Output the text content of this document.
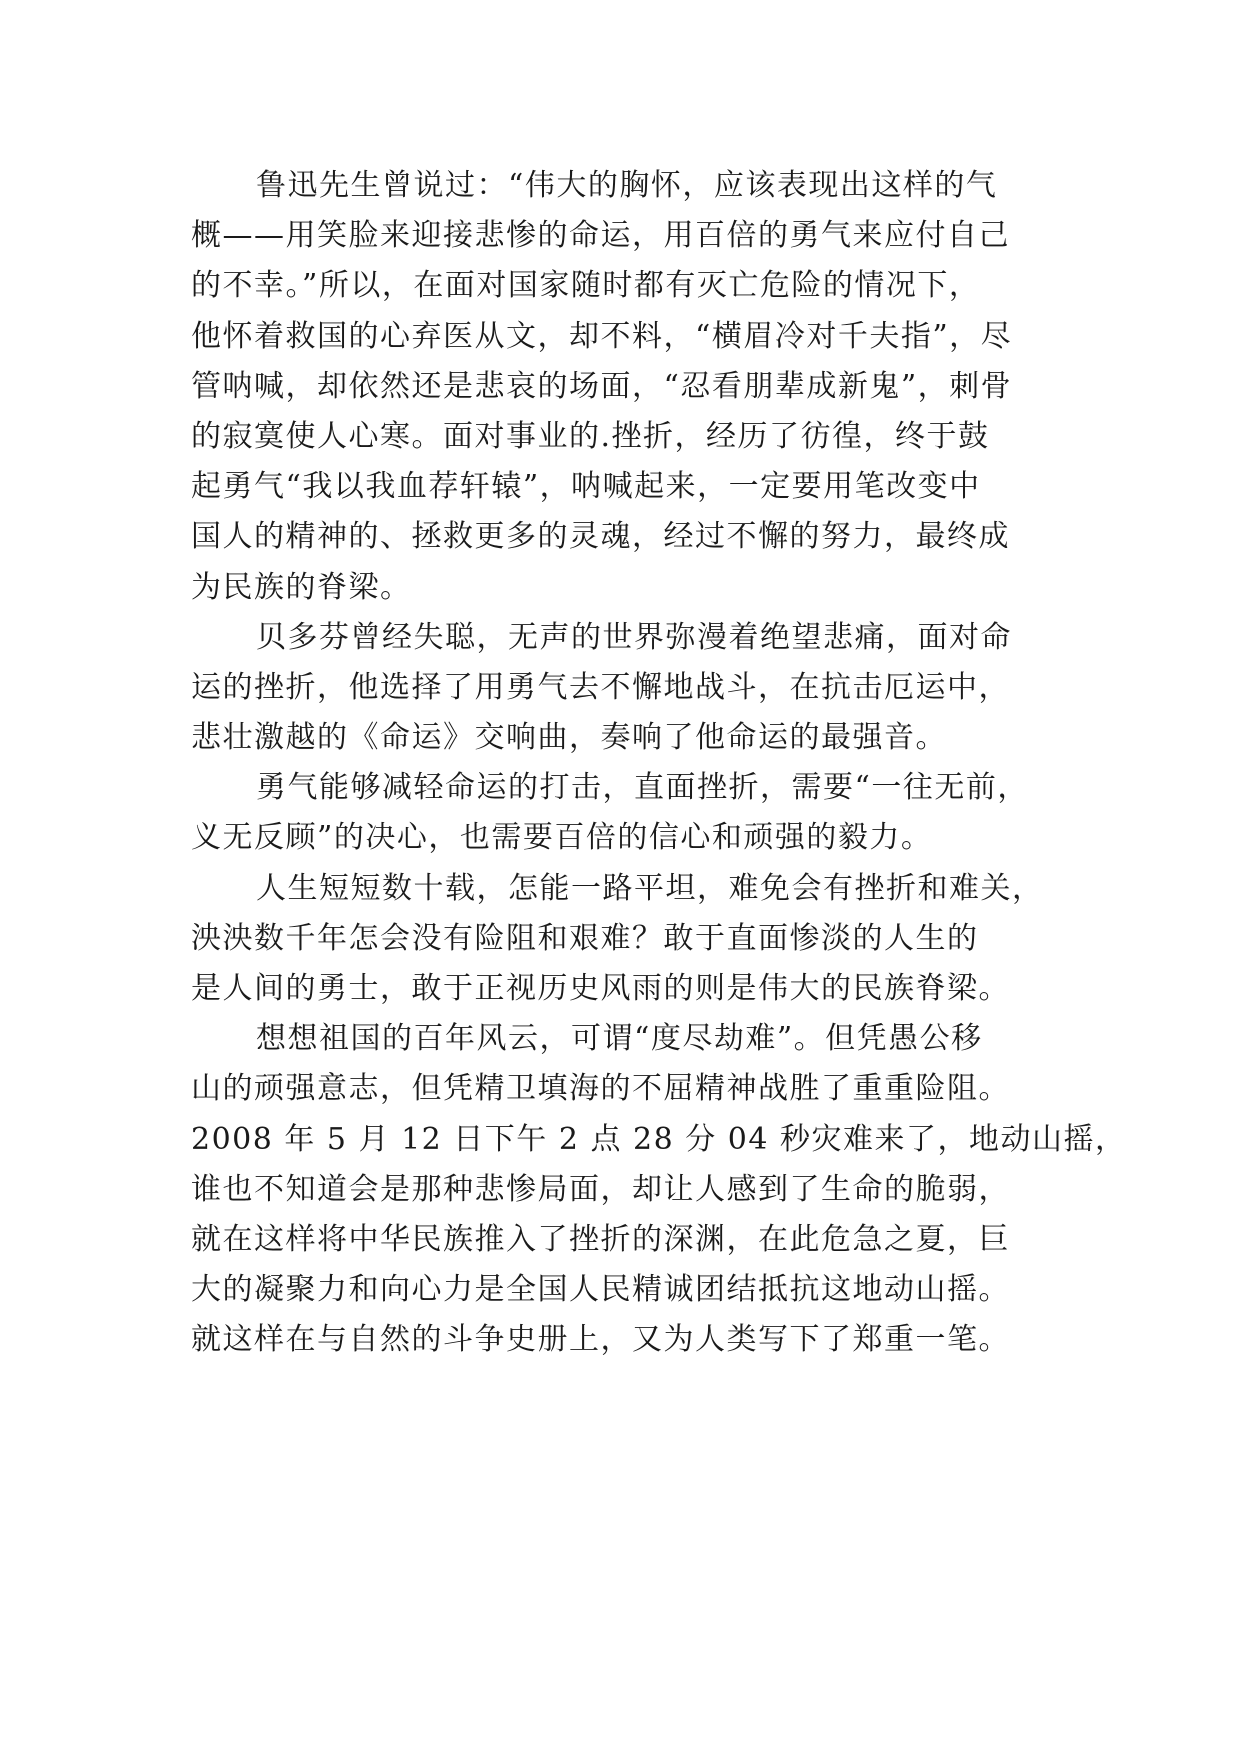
鲁迅先生曾说过：“伟大的胸怀，应该表现出这样的气
概——用笑脸来迎接悲惨的命运，用百倍的勇气来应付自己
的不幸。”所以，在面对国家随时都有灭亡危险的情况下，
他怀着救国的心弃医从文，却不料，“横眉冷对千夫指”，尽
管呐喊，却依然还是悲哀的场面，“忍看朋辈成新鬼”，刺骨
的寂寞使人心寒。面对事业的.挫折，经历了彷徨，终于鼓
起勇气“我以我血荐轩辕”，呐喊起来，一定要用笔改变中
国人的精神的、拯救更多的灵魂，经过不懈的努力，最终成
为民族的脊梁。
贝多芬曾经失聪，无声的世界弥漫着绝望悲痛，面对命
运的挫折，他选择了用勇气去不懈地战斗，在抗击厄运中，
悲壮激越的《命运》交响曲，奏响了他命运的最强音。
勇气能够减轻命运的打击，直面挫折，需要“一往无前，
义无反顾”的决心，也需要百倍的信心和顽强的毅力。
人生短短数十载，怎能一路平坦，难免会有挫折和难关，
泱泱数千年怎会没有险阻和艰难？敢于直面惨淡的人生的
是人间的勇士，敢于正视历史风雨的则是伟大的民族脊梁。
想想祖国的百年风云，可谓“度尽劫难”。但凭愚公移
山的顽强意志，但凭精卫填海的不屈精神战胜了重重险阻。
2008 年 5 月 12 日下午 2 点 28 分 04 秒灾难来了，地动山摇，
谁也不知道会是那种悲惨局面，却让人感到了生命的脆弱，
就在这样将中华民族推入了挫折的深渊，在此危急之夏，巨
大的凝聚力和向心力是全国人民精诚团结抵抗这地动山摇。
就这样在与自然的斗争史册上，又为人类写下了郑重一笔。
